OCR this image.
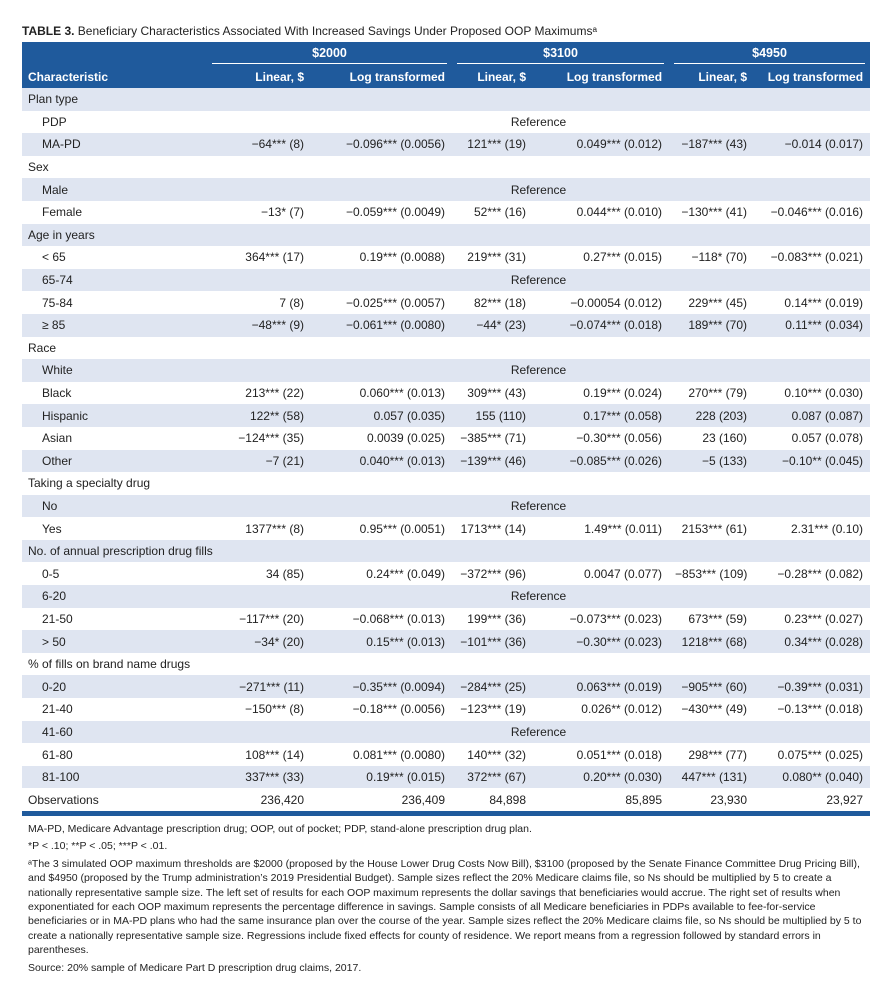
TABLE 3. Beneficiary Characteristics Associated With Increased Savings Under Proposed OOP Maximumsᵃ

	$2000		$3100		$4950	

Characteristic	Linear, $	Log transformed	Linear, $	Log transformed	Linear, $	Log transformed
Plan type						
PDP	Reference					
MA-PD	−64*** (8)	−0.096*** (0.0056)	121*** (19)	0.049*** (0.012)	−187*** (43)	−0.014 (0.017)
Sex						
Male	Reference					
Female	−13* (7)	−0.059*** (0.0049)	52*** (16)	0.044*** (0.010)	−130*** (41)	−0.046*** (0.016)
Age in years						
< 65	364*** (17)	0.19*** (0.0088)	219*** (31)	0.27*** (0.015)	−118* (70)	−0.083*** (0.021)
65-74	Reference					
75-84	7 (8)	−0.025*** (0.0057)	82*** (18)	−0.00054 (0.012)	229*** (45)	0.14*** (0.019)
≥ 85	−48*** (9)	−0.061*** (0.0080)	−44* (23)	−0.074*** (0.018)	189*** (70)	0.11*** (0.034)
Race						
White	Reference					
Black	213*** (22)	0.060*** (0.013)	309*** (43)	0.19*** (0.024)	270*** (79)	0.10*** (0.030)
Hispanic	122** (58)	0.057 (0.035)	155 (110)	0.17*** (0.058)	228 (203)	0.087 (0.087)
Asian	−124*** (35)	0.0039 (0.025)	−385*** (71)	−0.30*** (0.056)	23 (160)	0.057 (0.078)
Other	−7 (21)	0.040*** (0.013)	−139*** (46)	−0.085*** (0.026)	−5 (133)	−0.10** (0.045)
Taking a specialty drug						
No	Reference					
Yes	1377*** (8)	0.95*** (0.0051)	1713*** (14)	1.49*** (0.011)	2153*** (61)	2.31*** (0.10)
No. of annual prescription drug fills						
0-5	34 (85)	0.24*** (0.049)	−372*** (96)	0.0047 (0.077)	−853*** (109)	−0.28*** (0.082)
6-20	Reference					
21-50	−117*** (20)	−0.068*** (0.013)	199*** (36)	−0.073*** (0.023)	673*** (59)	0.23*** (0.027)
> 50	−34* (20)	0.15*** (0.013)	−101*** (36)	−0.30*** (0.023)	1218*** (68)	0.34*** (0.028)
% of fills on brand name drugs						
0-20	−271*** (11)	−0.35*** (0.0094)	−284*** (25)	0.063*** (0.019)	−905*** (60)	−0.39*** (0.031)
21-40	−150*** (8)	−0.18*** (0.0056)	−123*** (19)	0.026** (0.012)	−430*** (49)	−0.13*** (0.018)
41-60	Reference					
61-80	108*** (14)	0.081*** (0.0080)	140*** (32)	0.051*** (0.018)	298*** (77)	0.075*** (0.025)
81-100	337*** (33)	0.19*** (0.015)	372*** (67)	0.20*** (0.030)	447*** (131)	0.080** (0.040)
Observations	236,420	236,409	84,898	85,895	23,930	23,927

MA-PD, Medicare Advantage prescription drug; OOP, out of pocket; PDP, stand-alone prescription drug plan.

*P < .10; **P < .05; ***P < .01.

ᵃThe 3 simulated OOP maximum thresholds are $2000 (proposed by the House Lower Drug Costs Now Bill), $3100 (proposed by the Senate Finance Committee Drug Pricing Bill), and $4950 (proposed by the Trump administration’s 2019 Presidential Budget). Sample sizes reflect the 20% Medicare claims file, so Ns should be multiplied by 5 to create a nationally representative sample size. The left set of results for each OOP maximum represents the dollar savings that beneficiaries would accrue. The right set of results when exponentiated for each OOP maximum represents the percentage difference in savings. Sample consists of all Medicare beneficiaries in PDPs available to fee-for-service beneficiaries or in MA-PD plans who had the same insurance plan over the course of the year. Sample sizes reflect the 20% Medicare claims file, so Ns should be multiplied by 5 to create a nationally representative sample size. Regressions include fixed effects for county of residence. We report means from a regression followed by standard errors in parentheses.

Source: 20% sample of Medicare Part D prescription drug claims, 2017.
